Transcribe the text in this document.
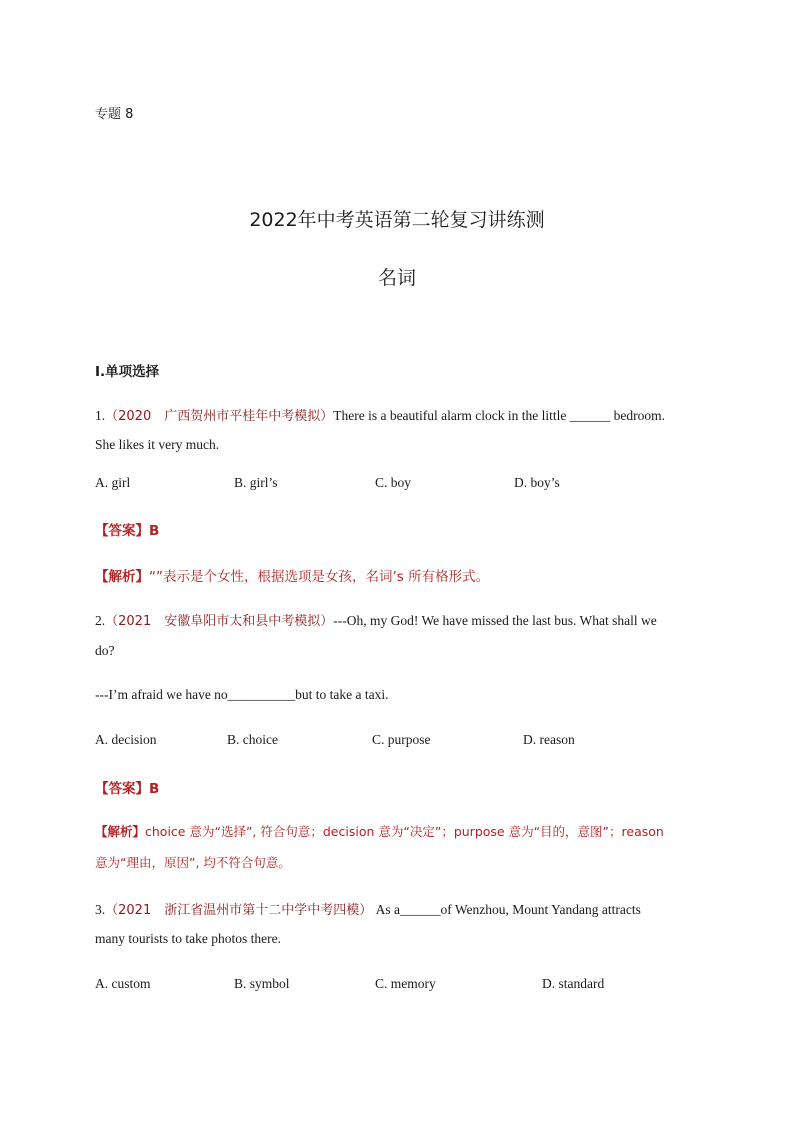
专题 8
2022年中考英语第二轮复习讲练测
名词
Ⅰ.单项选择
1.（2020　广西贺州市平桂年中考模拟）There is a beautiful alarm clock in the little ______ bedroom.
She likes it very much.
A. girl	B. girl’s	C. boy	D. boy’s
【答案】B
【解析】“”表示是个女性，根据选项是女孩，名词’s 所有格形式。
2.（2021　安徽阜阳市太和县中考模拟）---Oh, my God! We have missed the last bus. What shall we
do?
---I’m afraid we have no__________but to take a taxi.
A. decision	B. choice	C. purpose	D. reason
【答案】B
【解析】choice 意为“选择”, 符合句意；decision 意为“决定”；purpose 意为“目的，意图”；reason
意为“理由，原因”, 均不符合句意。
3.（2021　浙江省温州市第十二中学中考四模） As a______of Wenzhou, Mount Yandang attracts
many tourists to take photos there.
A. custom	B. symbol	C. memory	D. standard
